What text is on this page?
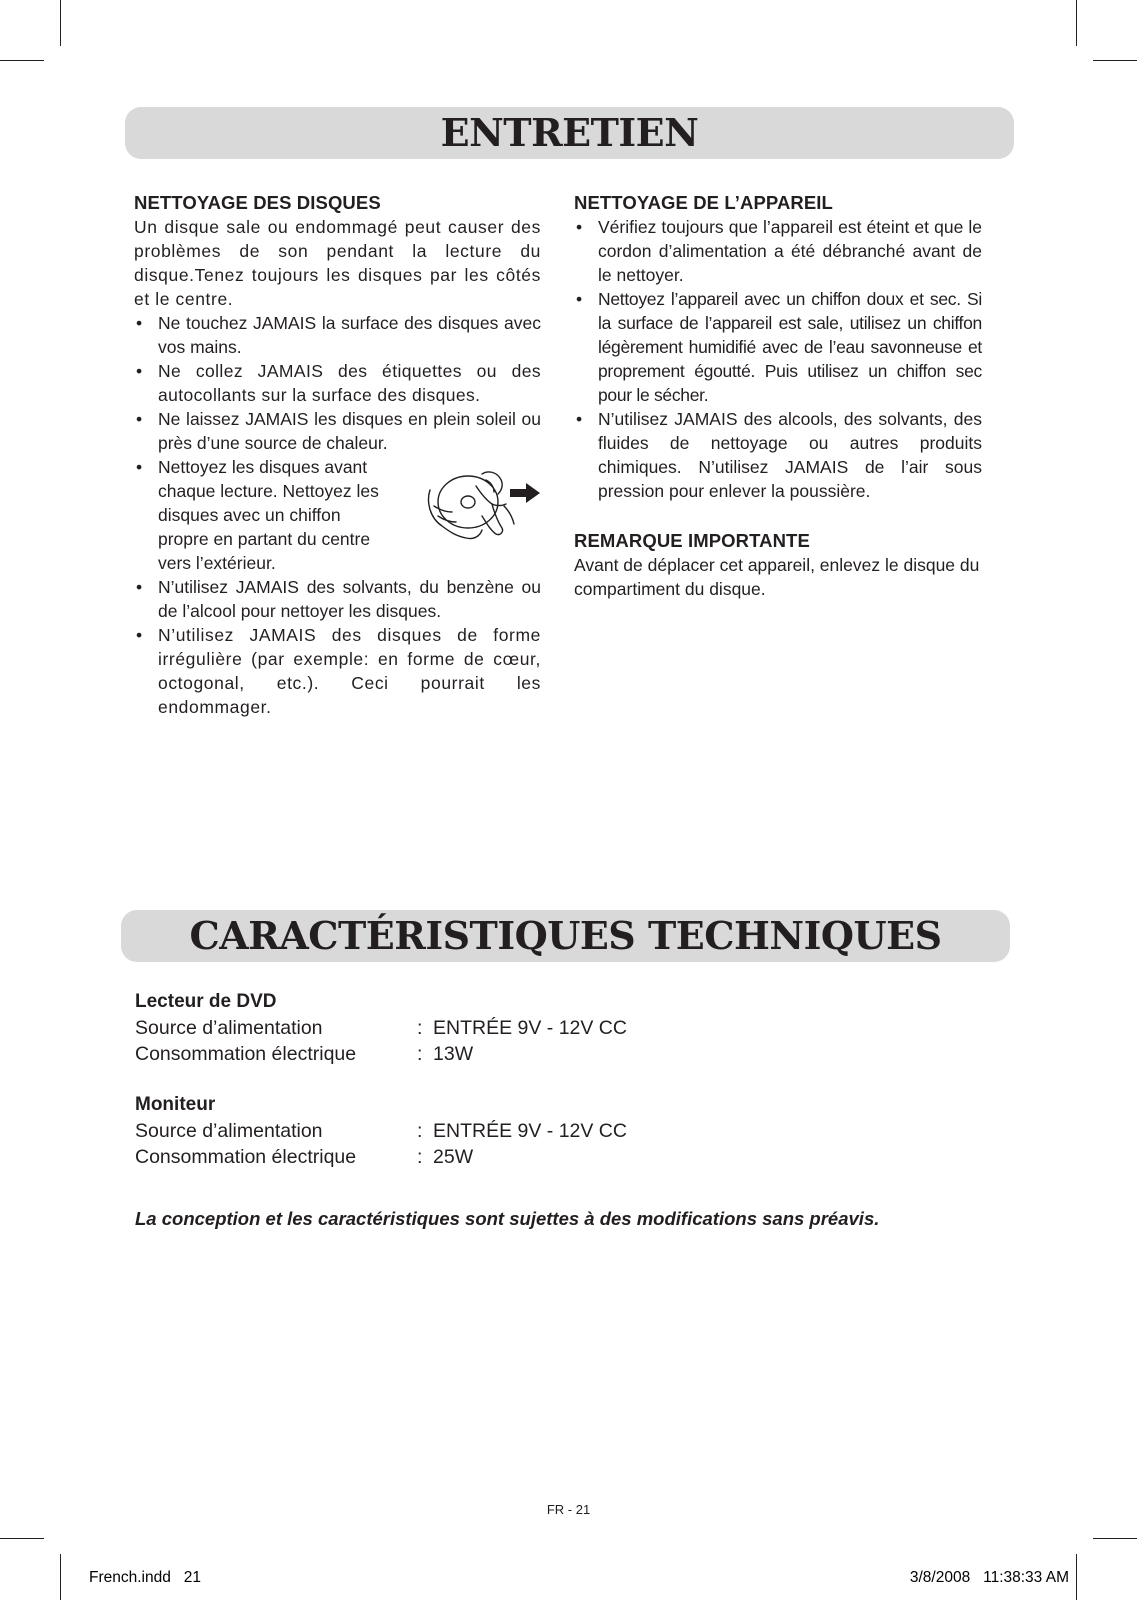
ENTRETIEN
NETTOYAGE DES DISQUES

Un disque sale ou endommagé peut causer des problèmes de son pendant la lecture du disque.Tenez toujours les disques par les côtés et le centre.

• Ne touchez JAMAIS la surface des disques avec vos mains.
• Ne collez JAMAIS des étiquettes ou des autocollants sur la surface des disques.
• Ne laissez JAMAIS les disques en plein soleil ou près d’une source de chaleur.
• Nettoyez les disques avant chaque lecture. Nettoyez les disques avec un chiffon propre en partant du centre vers l’extérieur.
• N’utilisez JAMAIS des solvants, du benzène ou de l’alcool pour nettoyer les disques.
• N’utilisez JAMAIS des disques de forme irrégulière (par exemple: en forme de cœur, octogonal, etc.). Ceci pourrait les endommager.
NETTOYAGE DE L’APPAREIL
• Vérifiez toujours que l’appareil est éteint et que le cordon d’alimentation a été débranché avant de le nettoyer.
• Nettoyez l’appareil avec un chiffon doux et sec. Si la surface de l’appareil est sale, utilisez un chiffon légèrement humidifié avec de l’eau savonneuse et proprement égoutté. Puis utilisez un chiffon sec pour le sécher.
• N’utilisez JAMAIS des alcools, des solvants, des fluides de nettoyage ou autres produits chimiques. N’utilisez JAMAIS de l’air sous pression pour enlever la poussière.
REMARQUE IMPORTANTE

Avant de déplacer cet appareil, enlevez le disque du compartiment du disque.

CARACTÉRISTIQUES TECHNIQUES
Lecteur de DVD
Source d’alimentation	: ENTRÉE 9V - 12V CC
Consommation électrique	: 13W
Moniteur
Source d’alimentation	: ENTRÉE 9V - 12V CC
Consommation électrique	: 25W
La conception et les caractéristiques sont sujettes à des modifications sans préavis.
FR - 21
French.indd   21	3/8/2008   11:38:33 AM
